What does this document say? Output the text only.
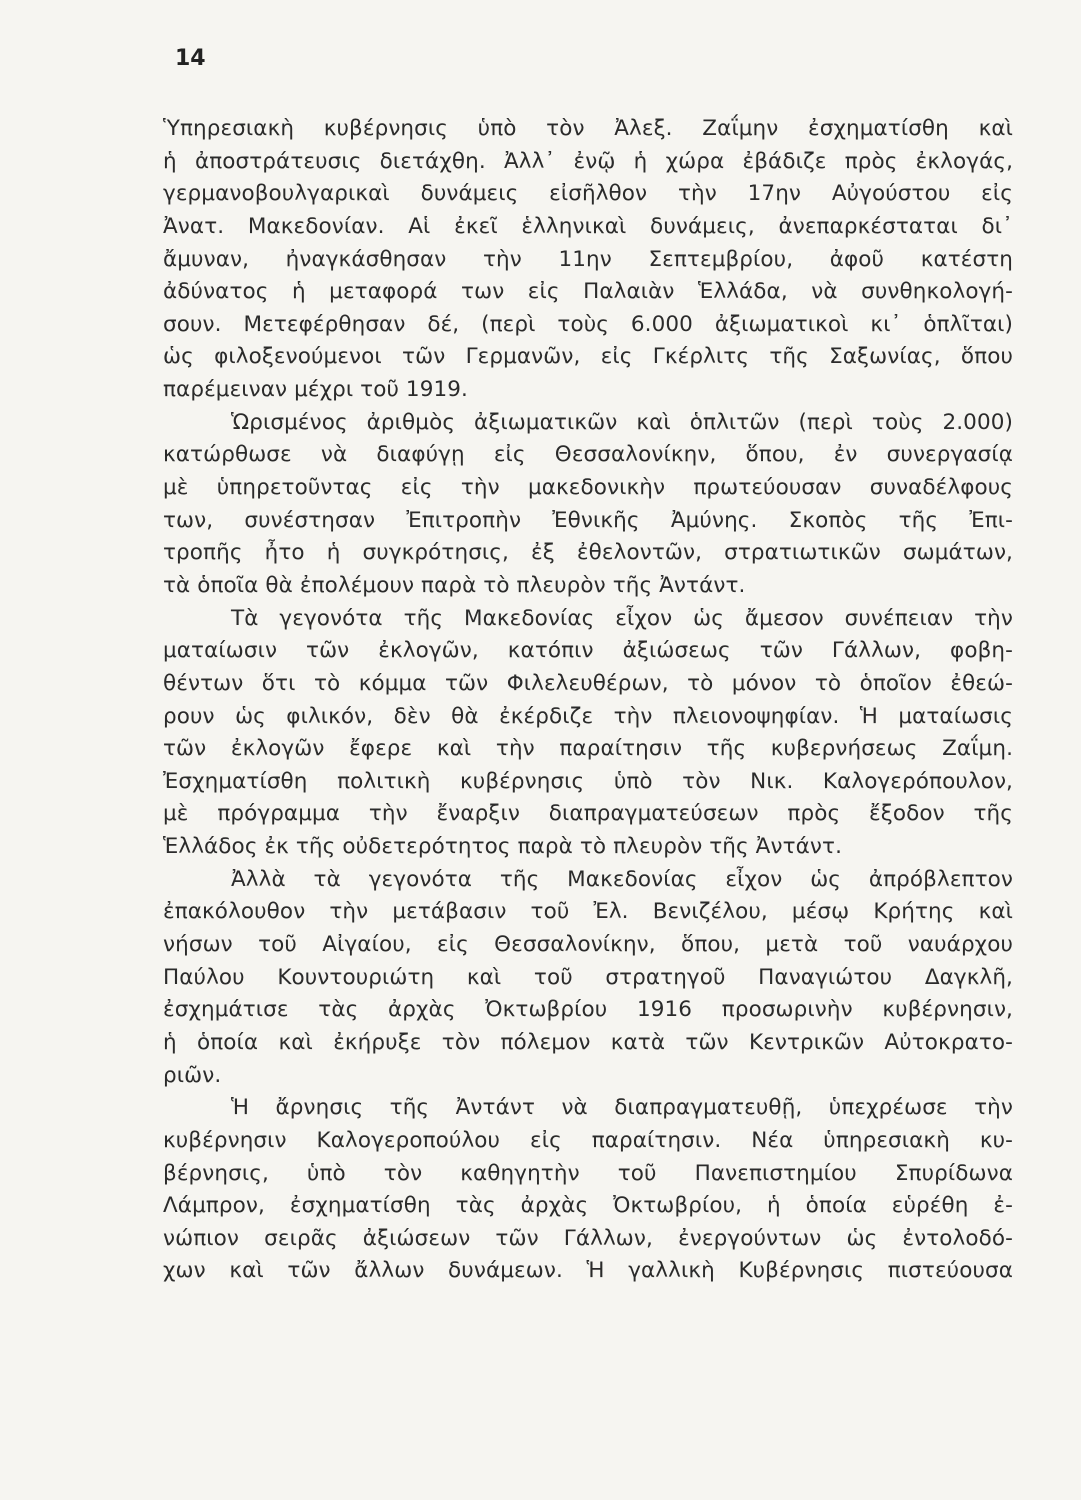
14
Ὑπηρεσιακὴ κυβέρνησις ὑπὸ τὸν Ἀλεξ. Ζαΐμην ἐσχηματίσθη καὶ
ἡ ἀποστράτευσις διετάχθη. Ἀλλ᾽ ἐνῷ ἡ χώρα ἐβάδιζε πρὸς ἐκλογάς,
γερμανοβουλγαρικαὶ δυνάμεις εἰσῆλθον τὴν 17ην Αὐγούστου εἰς
Ἀνατ. Μακεδονίαν. Αἱ ἐκεῖ ἑλληνικαὶ δυνάμεις, ἀνεπαρκέσταται δι᾽
ἄμυναν, ἠναγκάσθησαν τὴν 11ην Σεπτεμβρίου, ἀφοῦ κατέστη
ἀδύνατος ἡ μεταφορά των εἰς Παλαιὰν Ἑλλάδα, νὰ συνθηκολογή-
σουν. Μετεφέρθησαν δέ, (περὶ τοὺς 6.000 ἀξιωματικοὶ κι᾽ ὁπλῖται)
ὡς φιλοξενούμενοι τῶν Γερμανῶν, εἰς Γκέρλιτς τῆς Σαξωνίας, ὅπου
παρέμειναν μέχρι τοῦ 1919.
Ὡρισμένος ἀριθμὸς ἀξιωματικῶν καὶ ὁπλιτῶν (περὶ τοὺς 2.000)
κατώρθωσε νὰ διαφύγῃ εἰς Θεσσαλονίκην, ὅπου, ἐν συνεργασίᾳ
μὲ ὑπηρετοῦντας εἰς τὴν μακεδονικὴν πρωτεύουσαν συναδέλφους
των, συνέστησαν Ἐπιτροπὴν Ἐθνικῆς Ἀμύνης. Σκοπὸς τῆς Ἐπι-
τροπῆς ἦτο ἡ συγκρότησις, ἐξ ἐθελοντῶν, στρατιωτικῶν σωμάτων,
τὰ ὁποῖα θὰ ἐπολέμουν παρὰ τὸ πλευρὸν τῆς Ἀντάντ.
Τὰ γεγονότα τῆς Μακεδονίας εἶχον ὡς ἄμεσον συνέπειαν τὴν
ματαίωσιν τῶν ἐκλογῶν, κατόπιν ἀξιώσεως τῶν Γάλλων, φοβη-
θέντων ὅτι τὸ κόμμα τῶν Φιλελευθέρων, τὸ μόνον τὸ ὁποῖον ἐθεώ-
ρουν ὡς φιλικόν, δὲν θὰ ἐκέρδιζε τὴν πλειονοψηφίαν. Ἡ ματαίωσις
τῶν ἐκλογῶν ἔφερε καὶ τὴν παραίτησιν τῆς κυβερνήσεως Ζαΐμη.
Ἐσχηματίσθη πολιτικὴ κυβέρνησις ὑπὸ τὸν Νικ. Καλογερόπουλον,
μὲ πρόγραμμα τὴν ἔναρξιν διαπραγματεύσεων πρὸς ἔξοδον τῆς
Ἑλλάδος ἐκ τῆς οὐδετερότητος παρὰ τὸ πλευρὸν τῆς Ἀντάντ.
Ἀλλὰ τὰ γεγονότα τῆς Μακεδονίας εἶχον ὡς ἀπρόβλεπτον
ἐπακόλουθον τὴν μετάβασιν τοῦ Ἐλ. Βενιζέλου, μέσῳ Κρήτης καὶ
νήσων τοῦ Αἰγαίου, εἰς Θεσσαλονίκην, ὅπου, μετὰ τοῦ ναυάρχου
Παύλου Κουντουριώτη καὶ τοῦ στρατηγοῦ Παναγιώτου Δαγκλῆ,
ἐσχημάτισε τὰς ἀρχὰς Ὀκτωβρίου 1916 προσωρινὴν κυβέρνησιν,
ἡ ὁποία καὶ ἐκήρυξε τὸν πόλεμον κατὰ τῶν Κεντρικῶν Αὐτοκρατο-
ριῶν.
Ἡ ἄρνησις τῆς Ἀντάντ νὰ διαπραγματευθῇ, ὑπεχρέωσε τὴν
κυβέρνησιν Καλογεροπούλου εἰς παραίτησιν. Νέα ὑπηρεσιακὴ κυ-
βέρνησις, ὑπὸ τὸν καθηγητὴν τοῦ Πανεπιστημίου Σπυρίδωνα
Λάμπρον, ἐσχηματίσθη τὰς ἀρχὰς Ὀκτωβρίου, ἡ ὁποία εὑρέθη ἐ-
νώπιον σειρᾶς ἀξιώσεων τῶν Γάλλων, ἐνεργούντων ὡς ἐντολοδό-
χων καὶ τῶν ἄλλων δυνάμεων. Ἡ γαλλικὴ Κυβέρνησις πιστεύουσα
